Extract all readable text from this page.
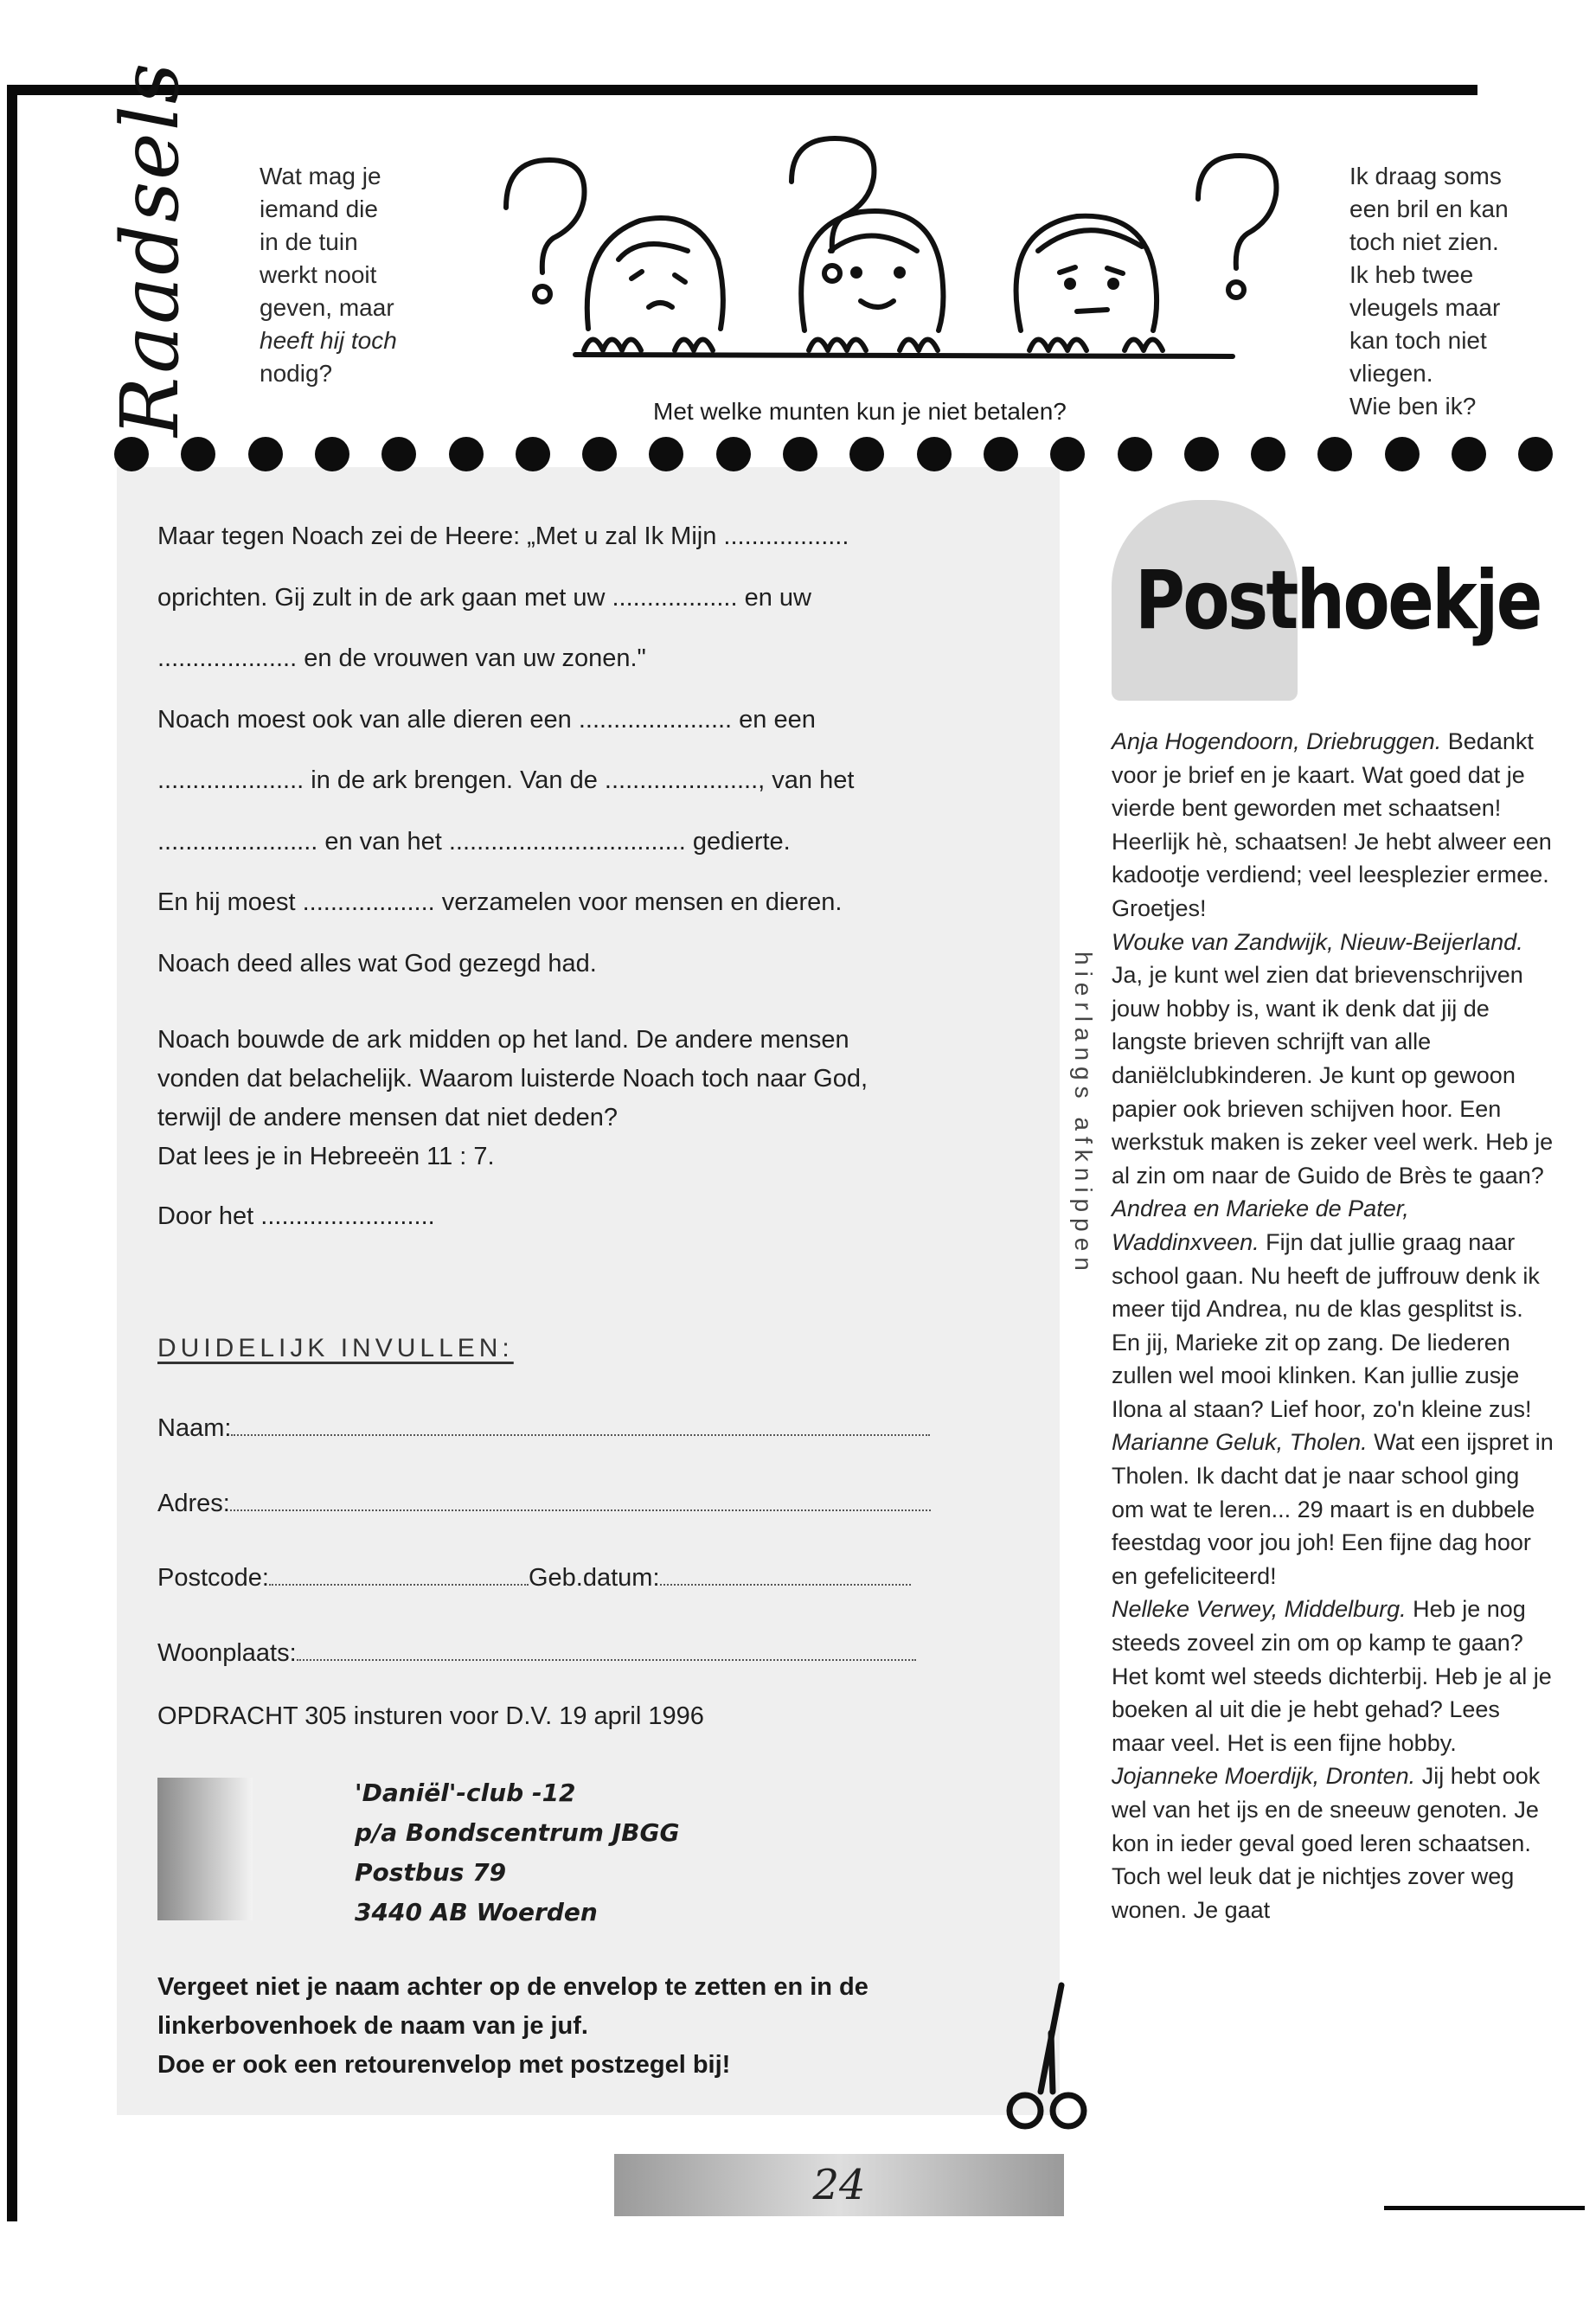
Raadsels	Wat mag je
iemand die
in de tuin
werkt nooit
geven, maar
heeft hij toch
nodig?
Ik draag soms
een bril en kan
toch niet zien.
Ik heb twee
vleugels maar
kan toch niet
vliegen.
Wie ben ik?
Met welke munten kun je niet betalen?
Maar tegen Noach zei de Heere: „Met u zal Ik Mijn ..................
oprichten. Gij zult in de ark gaan met uw .................. en uw
.................... en de vrouwen van uw zonen."
Noach moest ook van alle dieren een ...................... en een
..................... in de ark brengen. Van de ......................, van het
....................... en van het .................................. gedierte.
En hij moest ................... verzamelen voor mensen en dieren.
Noach deed alles wat God gezegd had.
Noach bouwde de ark midden op het land. De andere mensen
vonden dat belachelijk. Waarom luisterde Noach toch naar God,
terwijl de andere mensen dat niet deden?
Dat lees je in Hebreeën 11 : 7.
Door het .........................
DUIDELIJK INVULLEN:
Naam:
Adres:
Postcode:	Geb.datum:
Woonplaats:
OPDRACHT 305 insturen voor D.V. 19 april 1996
'Daniël'-club -12
p/a Bondscentrum JBGG
Postbus 79
3440 AB Woerden
Vergeet niet je naam achter op de envelop te zetten en in de
linkerbovenhoek de naam van je juf.
Doe er ook een retourenvelop met postzegel bij!
hierlangs afknippen
24
Posthoekje
Anja Hogendoorn, Driebruggen. Bedankt voor je brief en je kaart. Wat goed dat je vierde bent geworden met schaatsen! Heerlijk hè, schaatsen! Je hebt alweer een kadootje verdiend; veel leesplezier ermee. Groetjes!
Wouke van Zandwijk, Nieuw-Beijerland. Ja, je kunt wel zien dat brievenschrijven jouw hobby is, want ik denk dat jij de langste brieven schrijft van alle daniëlclubkinderen. Je kunt op gewoon papier ook brieven schijven hoor. Een werkstuk maken is zeker veel werk. Heb je al zin om naar de Guido de Brès te gaan?
Andrea en Marieke de Pater, Waddinxveen. Fijn dat jullie graag naar school gaan. Nu heeft de juffrouw denk ik meer tijd Andrea, nu de klas gesplitst is. En jij, Marieke zit op zang. De liederen zullen wel mooi klinken. Kan jullie zusje Ilona al staan? Lief hoor, zo'n kleine zus!
Marianne Geluk, Tholen. Wat een ijspret in Tholen. Ik dacht dat je naar school ging om wat te leren... 29 maart is en dubbele feestdag voor jou joh! Een fijne dag hoor en gefeliciteerd!
Nelleke Verwey, Middelburg. Heb je nog steeds zoveel zin om op kamp te gaan? Het komt wel steeds dichterbij. Heb je al je boeken al uit die je hebt gehad? Lees maar veel. Het is een fijne hobby.
Jojanneke Moerdijk, Dronten. Jij hebt ook wel van het ijs en de sneeuw genoten. Je kon in ieder geval goed leren schaatsen. Toch wel leuk dat je nichtjes zover weg wonen. Je gaat
